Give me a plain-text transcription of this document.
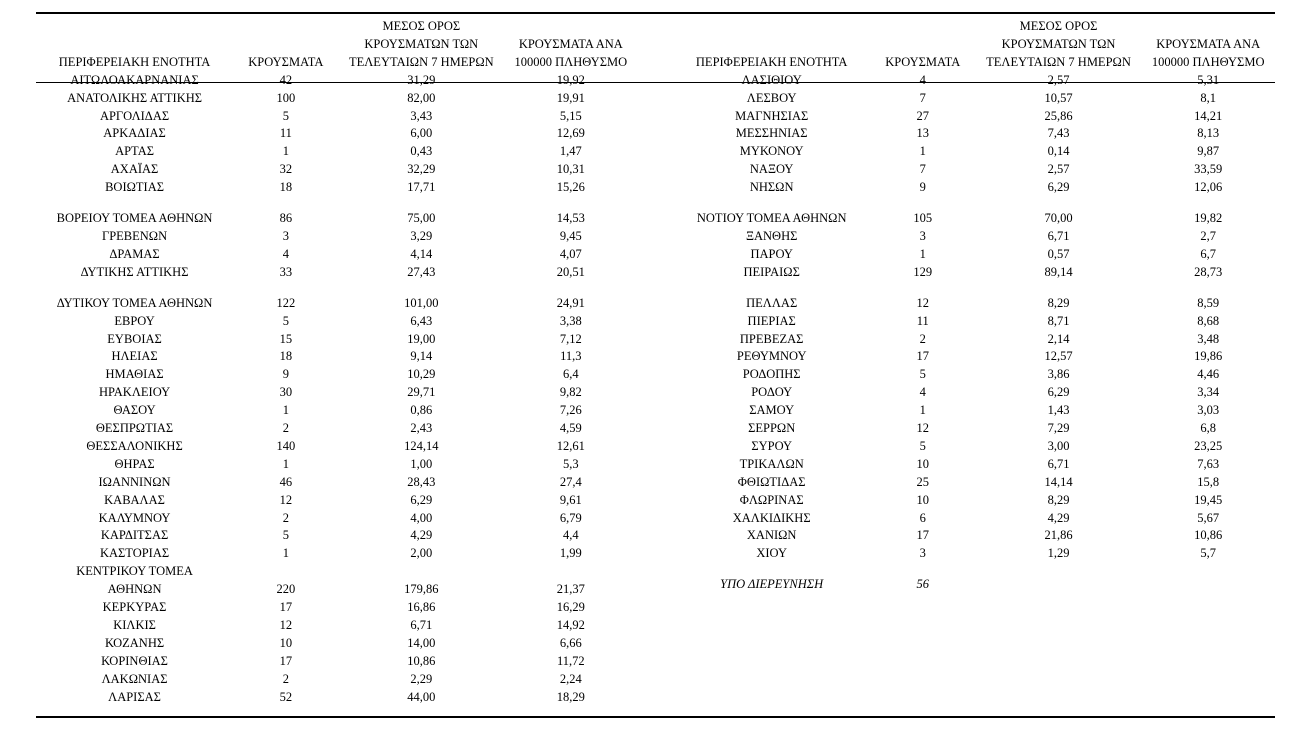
ΠΕΡΙΦΕΡΕΙΑΚΗ ΕΝΟΤΗΤΑ	ΚΡΟΥΣΜΑΤΑ	ΜΕΣΟΣ ΟΡΟΣ
ΚΡΟΥΣΜΑΤΩΝ ΤΩΝ
ΤΕΛΕΥΤΑΙΩΝ 7 ΗΜΕΡΩΝ	ΚΡΟΥΣΜΑΤΑ ΑΝΑ
100000 ΠΛΗΘΥΣΜΟ

ΑΙΤΩΛΟΑΚΑΡΝΑΝΙΑΣ	42	31,29	19,92
ΑΝΑΤΟΛΙΚΗΣ ΑΤΤΙΚΗΣ	100	82,00	19,91
ΑΡΓΟΛΙΔΑΣ	5	3,43	5,15
ΑΡΚΑΔΙΑΣ	11	6,00	12,69
ΑΡΤΑΣ	1	0,43	1,47
ΑΧΑΪΑΣ	32	32,29	10,31
ΒΟΙΩΤΙΑΣ	18	17,71	15,26

ΒΟΡΕΙΟΥ ΤΟΜΕΑ ΑΘΗΝΩΝ	86	75,00	14,53
ΓΡΕΒΕΝΩΝ	3	3,29	9,45
ΔΡΑΜΑΣ	4	4,14	4,07
ΔΥΤΙΚΗΣ ΑΤΤΙΚΗΣ	33	27,43	20,51

ΔΥΤΙΚΟΥ ΤΟΜΕΑ ΑΘΗΝΩΝ	122	101,00	24,91
ΕΒΡΟΥ	5	6,43	3,38
ΕΥΒΟΙΑΣ	15	19,00	7,12
ΗΛΕΙΑΣ	18	9,14	11,3
ΗΜΑΘΙΑΣ	9	10,29	6,4
ΗΡΑΚΛΕΙΟΥ	30	29,71	9,82
ΘΑΣΟΥ	1	0,86	7,26
ΘΕΣΠΡΩΤΙΑΣ	2	2,43	4,59
ΘΕΣΣΑΛΟΝΙΚΗΣ	140	124,14	12,61
ΘΗΡΑΣ	1	1,00	5,3
ΙΩΑΝΝΙΝΩΝ	46	28,43	27,4
ΚΑΒΑΛΑΣ	12	6,29	9,61
ΚΑΛΥΜΝΟΥ	2	4,00	6,79
ΚΑΡΔΙΤΣΑΣ	5	4,29	4,4
ΚΑΣΤΟΡΙΑΣ	1	2,00	1,99
ΚΕΝΤΡΙΚΟΥ ΤΟΜΕΑ			
ΑΘΗΝΩΝ	220	179,86	21,37
ΚΕΡΚΥΡΑΣ	17	16,86	16,29
ΚΙΛΚΙΣ	12	6,71	14,92
ΚΟΖΑΝΗΣ	10	14,00	6,66
ΚΟΡΙΝΘΙΑΣ	17	10,86	11,72
ΛΑΚΩΝΙΑΣ	2	2,29	2,24
ΛΑΡΙΣΑΣ	52	44,00	18,29
ΠΕΡΙΦΕΡΕΙΑΚΗ ΕΝΟΤΗΤΑ	ΚΡΟΥΣΜΑΤΑ	ΜΕΣΟΣ ΟΡΟΣ
ΚΡΟΥΣΜΑΤΩΝ ΤΩΝ
ΤΕΛΕΥΤΑΙΩΝ 7 ΗΜΕΡΩΝ	ΚΡΟΥΣΜΑΤΑ ΑΝΑ
100000 ΠΛΗΘΥΣΜΟ

ΛΑΣΙΘΙΟΥ	4	2,57	5,31
ΛΕΣΒΟΥ	7	10,57	8,1
ΜΑΓΝΗΣΙΑΣ	27	25,86	14,21
ΜΕΣΣΗΝΙΑΣ	13	7,43	8,13
ΜΥΚΟΝΟΥ	1	0,14	9,87
ΝΑΞΟΥ	7	2,57	33,59
ΝΗΣΩΝ	9	6,29	12,06

ΝΟΤΙΟΥ ΤΟΜΕΑ ΑΘΗΝΩΝ	105	70,00	19,82
ΞΑΝΘΗΣ	3	6,71	2,7
ΠΑΡΟΥ	1	0,57	6,7
ΠΕΙΡΑΙΩΣ	129	89,14	28,73

ΠΕΛΛΑΣ	12	8,29	8,59
ΠΙΕΡΙΑΣ	11	8,71	8,68
ΠΡΕΒΕΖΑΣ	2	2,14	3,48
ΡΕΘΥΜΝΟΥ	17	12,57	19,86
ΡΟΔΟΠΗΣ	5	3,86	4,46
ΡΟΔΟΥ	4	6,29	3,34
ΣΑΜΟΥ	1	1,43	3,03
ΣΕΡΡΩΝ	12	7,29	6,8
ΣΥΡΟΥ	5	3,00	23,25
ΤΡΙΚΑΛΩΝ	10	6,71	7,63
ΦΘΙΩΤΙΔΑΣ	25	14,14	15,8
ΦΛΩΡΙΝΑΣ	10	8,29	19,45
ΧΑΛΚΙΔΙΚΗΣ	6	4,29	5,67
ΧΑΝΙΩΝ	17	21,86	10,86
ΧΙΟΥ	3	1,29	5,7

ΥΠΟ ΔΙΕΡΕΥΝΗΣΗ	56		
